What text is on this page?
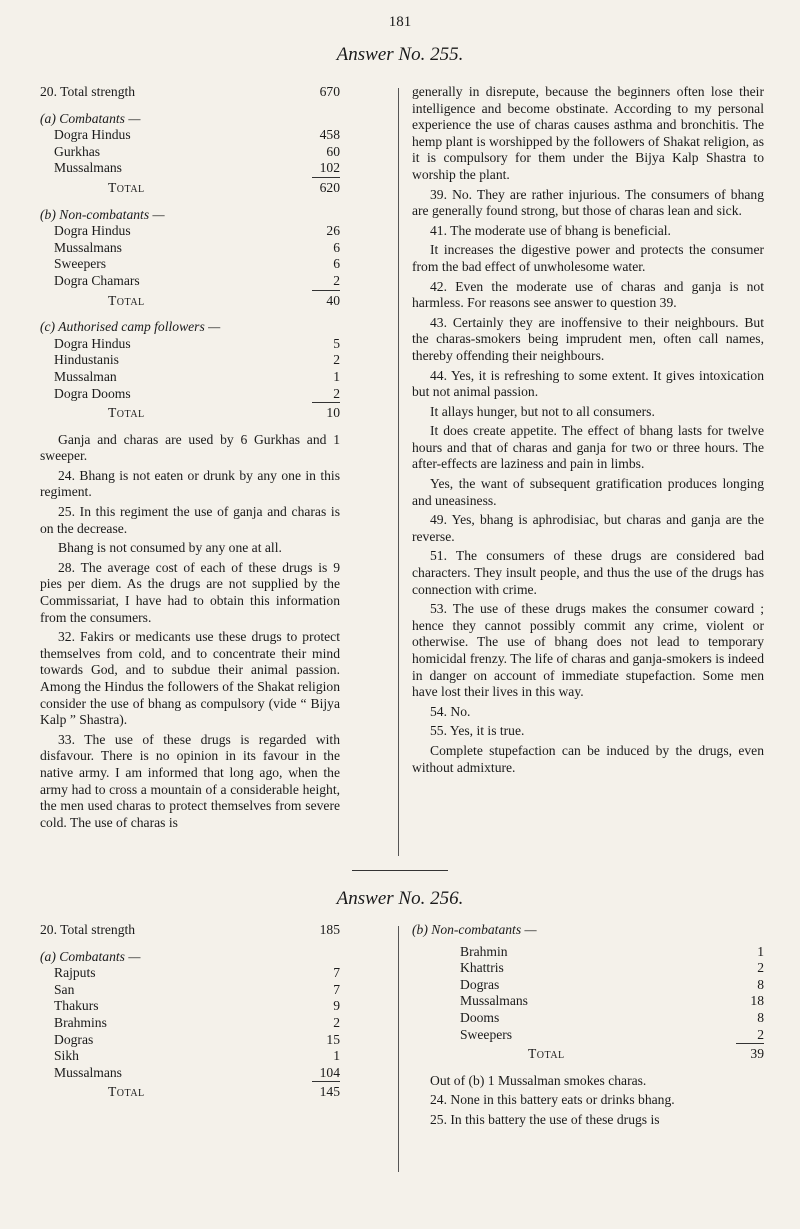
181
Answer No. 255.
20. Total strength	670
(a) Combatants —
Dogra Hindus	458
Gurkhas	60
Mussalmans	102
Total	620
(b) Non-combatants —
Dogra Hindus	26
Mussalmans	6
Sweepers	6
Dogra Chamars	2
Total	40
(c) Authorised camp followers —
Dogra Hindus	5
Hindustanis	2
Mussalman	1
Dogra Dooms	2
Total	10

Ganja and charas are used by 6 Gurkhas and 1 sweeper.

24. Bhang is not eaten or drunk by any one in this regiment.

25. In this regiment the use of ganja and charas is on the decrease.

Bhang is not consumed by any one at all.

28. The average cost of each of these drugs is 9 pies per diem. As the drugs are not supplied by the Commissariat, I have had to obtain this information from the consumers.

32. Fakirs or medicants use these drugs to protect themselves from cold, and to concentrate their mind towards God, and to subdue their animal passion. Among the Hindus the followers of the Shakat religion consider the use of bhang as compulsory (vide “ Bijya Kalp ” Shastra).

33. The use of these drugs is regarded with disfavour. There is no opinion in its favour in the native army. I am informed that long ago, when the army had to cross a mountain of a considerable height, the men used charas to protect themselves from severe cold. The use of charas is

generally in disrepute, because the beginners often lose their intelligence and become obstinate. According to my personal experience the use of charas causes asthma and bronchitis. The hemp plant is worshipped by the followers of Shakat religion, as it is compulsory for them under the Bijya Kalp Shastra to worship the plant.

39. No. They are rather injurious. The consumers of bhang are generally found strong, but those of charas lean and sick.

41. The moderate use of bhang is beneficial.

It increases the digestive power and protects the consumer from the bad effect of unwholesome water.

42. Even the moderate use of charas and ganja is not harmless. For reasons see answer to question 39.

43. Certainly they are inoffensive to their neighbours. But the charas-smokers being imprudent men, often call names, thereby offending their neighbours.

44. Yes, it is refreshing to some extent. It gives intoxication but not animal passion.

It allays hunger, but not to all consumers.

It does create appetite. The effect of bhang lasts for twelve hours and that of charas and ganja for two or three hours. The after-effects are laziness and pain in limbs.

Yes, the want of subsequent gratification produces longing and uneasiness.

49. Yes, bhang is aphrodisiac, but charas and ganja are the reverse.

51. The consumers of these drugs are considered bad characters. They insult people, and thus the use of the drugs has connection with crime.

53. The use of these drugs makes the consumer coward ; hence they cannot possibly commit any crime, violent or otherwise. The use of bhang does not lead to temporary homicidal frenzy. The life of charas and ganja-smokers is indeed in danger on account of immediate stupefaction. Some men have lost their lives in this way.

54. No.

55. Yes, it is true.

Complete stupefaction can be induced by the drugs, even without admixture.

Answer No. 256.
20. Total strength	185
(a) Combatants —
Rajputs	7
San	7
Thakurs	9
Brahmins	2
Dogras	15
Sikh	1
Mussalmans	104
Total	145
(b) Non-combatants —
Brahmin	1
Khattris	2
Dogras	8
Mussalmans	18
Dooms	8
Sweepers	2
Total	39

Out of (b) 1 Mussalman smokes charas.

24. None in this battery eats or drinks bhang.

25. In this battery the use of these drugs is
